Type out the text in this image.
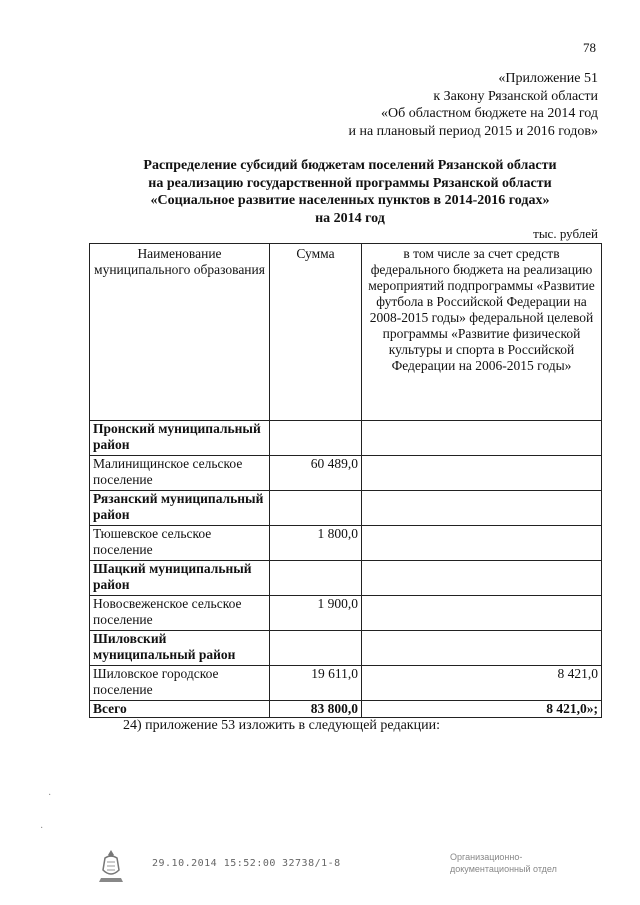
78
«Приложение 51
к Закону Рязанской области
«Об областном бюджете на 2014 год
и на плановый период 2015 и 2016 годов»
Распределение субсидий бюджетам поселений Рязанской области
на реализацию государственной программы Рязанской области
«Социальное развитие населенных пунктов в 2014-2016 годах»
на 2014 год
тыс. рублей
Наименование муниципального образования	Сумма	в том числе за счет средств федерального бюджета на реализацию мероприятий подпрограммы «Развитие футбола в Российской Федерации на 2008-2015 годы» федеральной целевой программы «Развитие физической культуры и спорта в Российской Федерации на 2006-2015 годы»
Пронский муниципальный район		
Малинищинское сельское поселение	60 489,0	
Рязанский муниципальный район		
Тюшевское сельское поселение	1 800,0	
Шацкий муниципальный район		
Новосвеженское сельское поселение	1 900,0	
Шиловский муниципальный район		
Шиловское городское поселение	19 611,0	8 421,0
Всего	83 800,0	8 421,0»;
24) приложение 53 изложить в следующей редакции:
·
·
29.10.2014 15:52:00 32738/1-8
Организационно-
документационный отдел
